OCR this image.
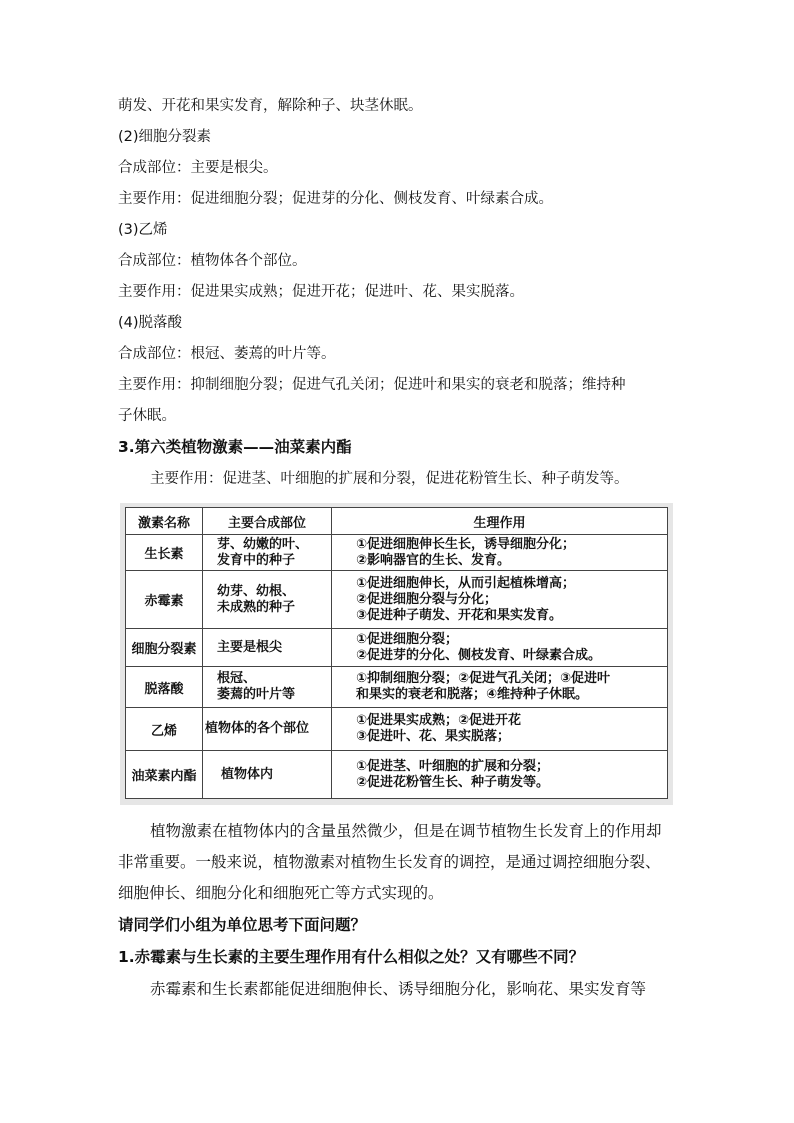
萌发、开花和果实发育，解除种子、块茎休眠。
(2)细胞分裂素
合成部位：主要是根尖。
主要作用：促进细胞分裂；促进芽的分化、侧枝发育、叶绿素合成。
(3)乙烯
合成部位：植物体各个部位。
主要作用：促进果实成熟；促进开花；促进叶、花、果实脱落。
(4)脱落酸
合成部位：根冠、萎蔫的叶片等。
主要作用：抑制细胞分裂；促进气孔关闭；促进叶和果实的衰老和脱落；维持种
子休眠。
3.第六类植物激素——油菜素内酯
主要作用：促进茎、叶细胞的扩展和分裂，促进花粉管生长、种子萌发等。
激素名称	主要合成部位	生理作用
生长素	芽、幼嫩的叶、
发育中的种子	①促进细胞伸长生长，诱导细胞分化；
②影响器官的生长、发育。

赤霉素	幼芽、幼根、
未成熟的种子	①促进细胞伸长，从而引起植株增高；
②促进细胞分裂与分化；
③促进种子萌发、开花和果实发育。

细胞分裂素	主要是根尖	①促进细胞分裂；
②促进芽的分化、侧枝发育、叶绿素合成。

脱落酸	根冠、
萎蔫的叶片等	①抑制细胞分裂；②促进气孔关闭；③促进叶
和果实的衰老和脱落；④维持种子休眠。

乙烯	植物体的各个部位	①促进果实成熟；②促进开花
③促进叶、花、果实脱落；

油菜素内酯	植物体内	①促进茎、叶细胞的扩展和分裂；
②促进花粉管生长、种子萌发等。
植物激素在植物体内的含量虽然微少，但是在调节植物生长发育上的作用却
非常重要。一般来说，植物激素对植物生长发育的调控，是通过调控细胞分裂、
细胞伸长、细胞分化和细胞死亡等方式实现的。
请同学们小组为单位思考下面问题？
1.赤霉素与生长素的主要生理作用有什么相似之处？又有哪些不同？
赤霉素和生长素都能促进细胞伸长、诱导细胞分化，影响花、果实发育等
